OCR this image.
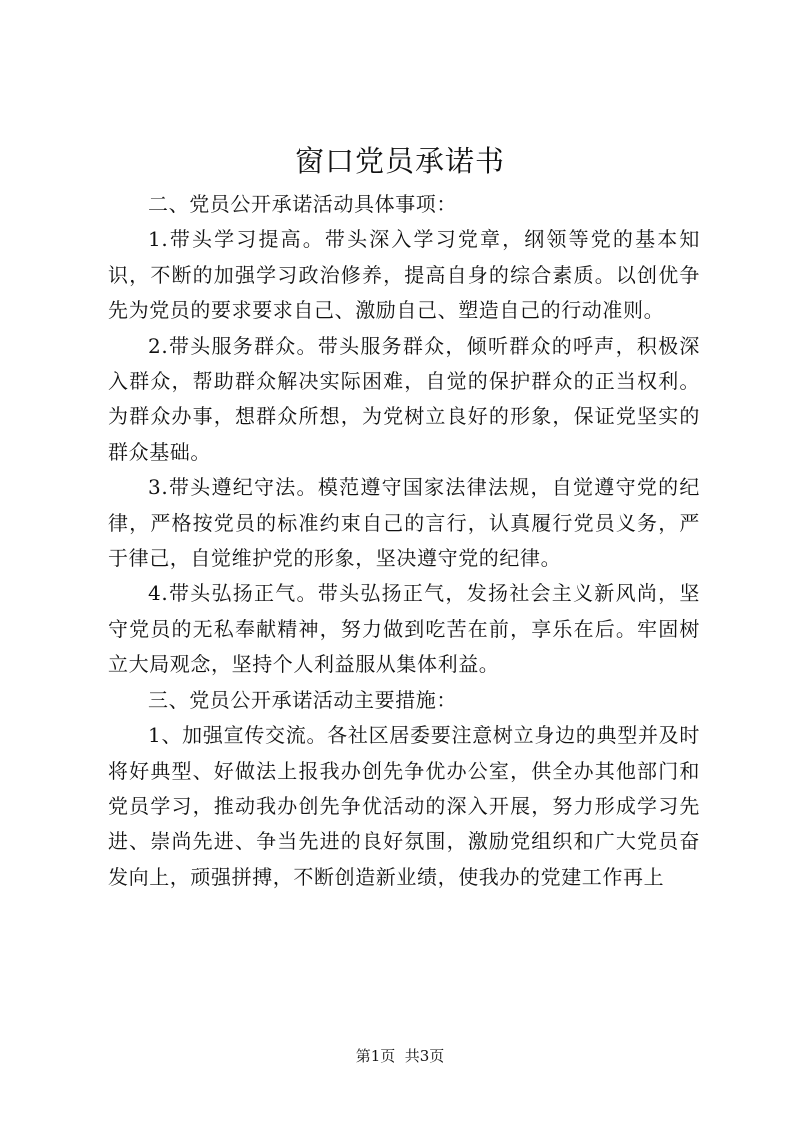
窗口党员承诺书

二、党员公开承诺活动具体事项：

1.带头学习提高。带头深入学习党章，纲领等党的基本知识，不断的加强学习政治修养，提高自身的综合素质。以创优争先为党员的要求要求自己、激励自己、塑造自己的行动准则。

2.带头服务群众。带头服务群众，倾听群众的呼声，积极深入群众，帮助群众解决实际困难，自觉的保护群众的正当权利。为群众办事，想群众所想，为党树立良好的形象，保证党坚实的群众基础。

3.带头遵纪守法。模范遵守国家法律法规，自觉遵守党的纪律，严格按党员的标准约束自己的言行，认真履行党员义务，严于律己，自觉维护党的形象，坚决遵守党的纪律。

4.带头弘扬正气。带头弘扬正气，发扬社会主义新风尚，坚守党员的无私奉献精神，努力做到吃苦在前，享乐在后。牢固树立大局观念，坚持个人利益服从集体利益。

三、党员公开承诺活动主要措施：

1、加强宣传交流。各社区居委要注意树立身边的典型并及时将好典型、好做法上报我办创先争优办公室，供全办其他部门和党员学习，推动我办创先争优活动的深入开展，努力形成学习先进、崇尚先进、争当先进的良好氛围，激励党组织和广大党员奋发向上，顽强拼搏，不断创造新业绩，使我办的党建工作再上

第1页  共3页
